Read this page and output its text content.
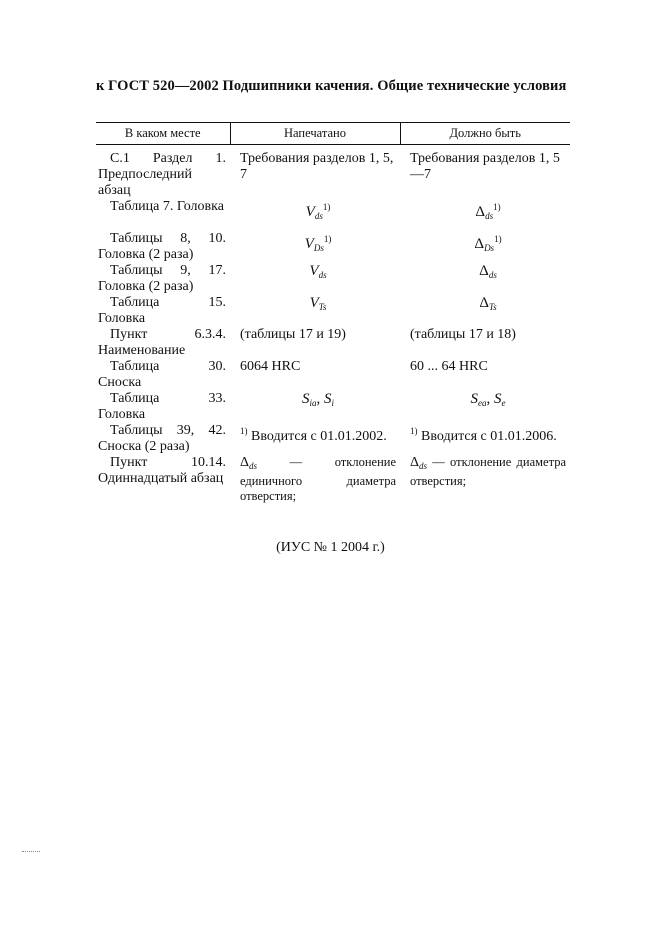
к ГОСТ 520—2002 Подшипники качения. Общие технические условия
В каком месте	Напечатано	Должно быть
С.1 Раздел 1. Предпоследний абзац	Требования разделов 1, 5, 7	Требования разделов 1, 5—7
Таблица 7. Головка	$V_{ds}^{1)}$	$\Delta_{ds}^{1)}$
Таблицы 8, 10. Головка (2 раза)	$V_{Ds}^{1)}$	$\Delta_{Ds}^{1)}$
Таблицы 9, 17. Головка (2 раза)	$V_{ds}$	$\Delta_{ds}$
Таблица 15. Головка	$V_{Ts}$	$\Delta_{Ts}$
Пункт 6.3.4. Наименование	(таблицы 17 и 19)	(таблицы 17 и 18)
Таблица 30. Сноска	6064 HRC	60 ... 64 HRC
Таблица 33. Головка	$S_{ia}$, $S_i$	$S_{ea}$, $S_e$
Таблицы 39, 42. Сноска (2 раза)	$^{1)}$ Вводится с 01.01.2002.	$^{1)}$ Вводится с 01.01.2006.
Пункт 10.14. Одиннадцатый абзац	$\Delta_{ds}$ — отклонение единичного диаметра отверстия;	$\Delta_{ds}$ — отклонение диаметра отверстия;
(ИУС № 1 2004 г.)
